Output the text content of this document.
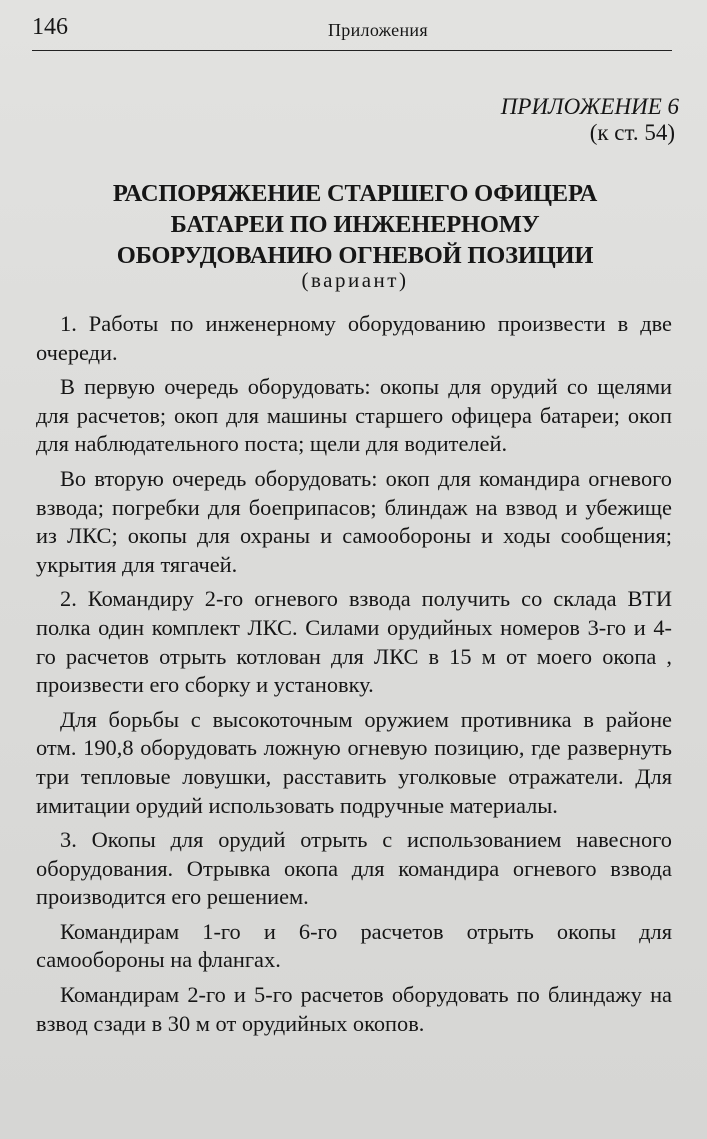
146	Приложения
ПРИЛОЖЕНИЕ 6
(к ст. 54)
РАСПОРЯЖЕНИЕ СТАРШЕГО ОФИЦЕРА
БАТАРЕИ ПО ИНЖЕНЕРНОМУ
ОБОРУДОВАНИЮ ОГНЕВОЙ ПОЗИЦИИ
(вариант)

1. Работы по инженерному оборудованию произвести в две очереди.

В первую очередь оборудовать: окопы для орудий со щелями для расчетов; окоп для машины старшего офицера батареи; окоп для наблюдательного поста; щели для водителей.

Во вторую очередь оборудовать: окоп для командира огневого взвода; погребки для боеприпасов; блиндаж на взвод и убежище из ЛКС; окопы для охраны и самообороны и ходы сообщения; укрытия для тягачей.

2. Командиру 2-го огневого взвода получить со склада ВТИ полка один комплект ЛКС. Силами орудийных номеров 3-го и 4-го расчетов отрыть котлован для ЛКС в 15 м от моего окопа , произвести его сборку и установку.

Для борьбы с высокоточным оружием противника в районе отм. 190,8 оборудовать ложную огневую позицию, где развернуть три тепловые ловушки, расставить уголковые отражатели. Для имитации орудий использовать подручные материалы.

3. Окопы для орудий отрыть с использованием навесного оборудования. Отрывка окопа для командира огневого взвода производится его решением.

Командирам 1-го и 6-го расчетов отрыть окопы для самообороны на флангах.

Командирам 2-го и 5-го расчетов оборудовать по блиндажу на взвод сзади в 30 м от орудийных окопов.
